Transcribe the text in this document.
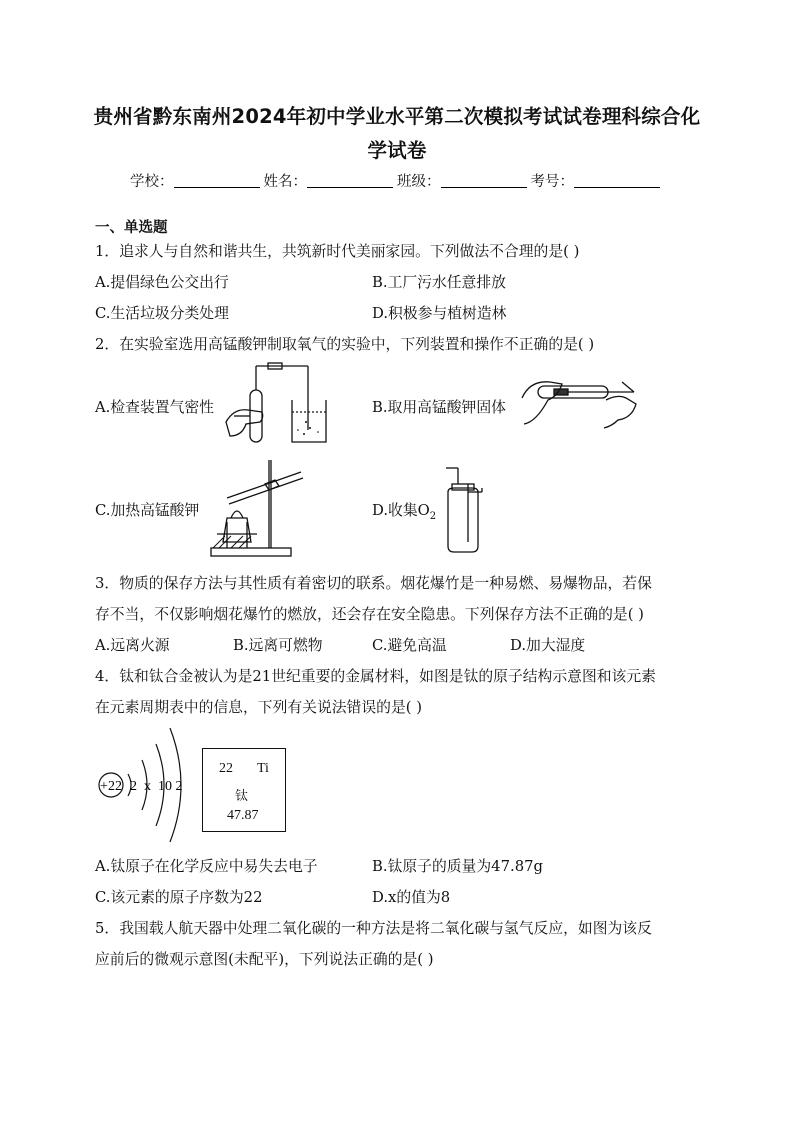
贵州省黔东南州2024年初中学业水平第二次模拟考试试卷理科综合化
学试卷
学校：	姓名：	班级：	考号：
一、单选题
1．追求人与自然和谐共生，共筑新时代美丽家园。下列做法不合理的是( )
A.提倡绿色公交出行	B.工厂污水任意排放
C.生活垃圾分类处理	D.积极参与植树造林
2．在实验室选用高锰酸钾制取氧气的实验中，下列装置和操作不正确的是( )
A.检查装置气密性	B.取用高锰酸钾固体
C.加热高锰酸钾	D.收集$O_2$
3．物质的保存方法与其性质有着密切的联系。烟花爆竹是一种易燃、易爆物品，若保
存不当，不仅影响烟花爆竹的燃放，还会存在安全隐患。下列保存方法不正确的是( )
A.远离火源	B.远离可燃物	C.避免高温	D.加大湿度
4．钛和钛合金被认为是21世纪重要的金属材料，如图是钛的原子结构示意图和该元素
在元素周期表中的信息，下列有关说法错误的是( )
+22 2  x  10 2
22 Ti
钛
47.87
A.钛原子在化学反应中易失去电子	B.钛原子的质量为47.87g
C.该元素的原子序数为22	D.x的值为8
5．我国载人航天器中处理二氧化碳的一种方法是将二氧化碳与氢气反应，如图为该反
应前后的微观示意图(未配平)，下列说法正确的是( )
